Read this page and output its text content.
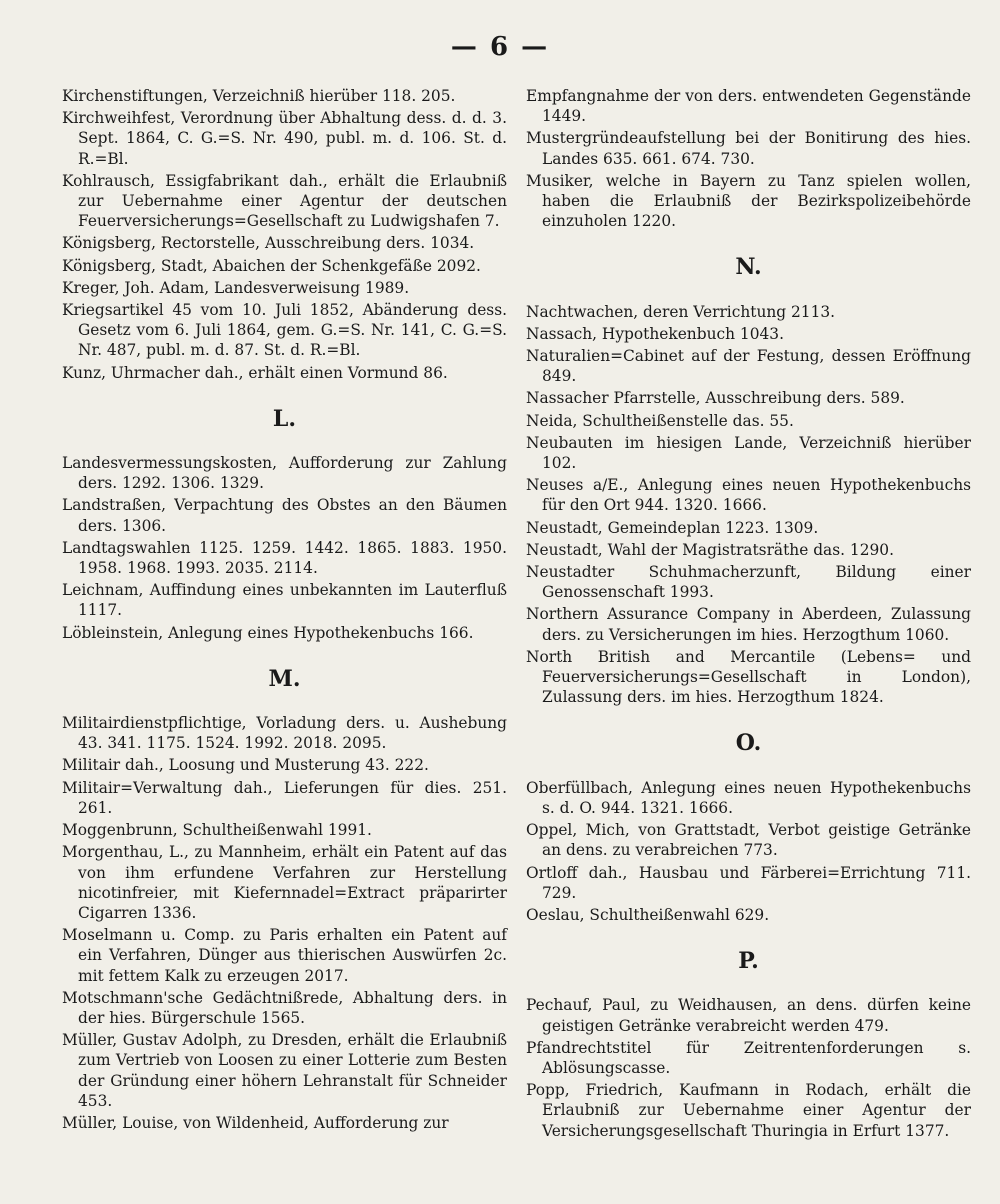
— 6 —
Kirchenstiftungen, Verzeichniß hierüber 118. 205.
Kirchweihfest, Verordnung über Abhaltung dess. d. d. 3. Sept. 1864, C. G.=S. Nr. 490, publ. m. d. 106. St. d. R.=Bl.
Kohlrausch, Essigfabrikant dah., erhält die Erlaubniß zur Uebernahme einer Agentur der deutschen Feuerversicherungs=Gesellschaft zu Ludwigshafen 7.
Königsberg, Rectorstelle, Ausschreibung ders. 1034.
Königsberg, Stadt, Abaichen der Schenkgefäße 2092.
Kreger, Joh. Adam, Landesverweisung 1989.
Kriegsartikel 45 vom 10. Juli 1852, Abänderung dess. Gesetz vom 6. Juli 1864, gem. G.=S. Nr. 141, C. G.=S. Nr. 487, publ. m. d. 87. St. d. R.=Bl.
Kunz, Uhrmacher dah., erhält einen Vormund 86.
L.
Landesvermessungskosten, Aufforderung zur Zahlung ders. 1292. 1306. 1329.
Landstraßen, Verpachtung des Obstes an den Bäumen ders. 1306.
Landtagswahlen 1125. 1259. 1442. 1865. 1883. 1950. 1958. 1968. 1993. 2035. 2114.
Leichnam, Auffindung eines unbekannten im Lauterfluß 1117.
Löbleinstein, Anlegung eines Hypothekenbuchs 166.
M.
Militairdienstpflichtige, Vorladung ders. u. Aushebung 43. 341. 1175. 1524. 1992. 2018. 2095.
Militair dah., Loosung und Musterung 43. 222.
Militair=Verwaltung dah., Lieferungen für dies. 251. 261.
Moggenbrunn, Schultheißenwahl 1991.
Morgenthau, L., zu Mannheim, erhält ein Patent auf das von ihm erfundene Verfahren zur Herstellung nicotinfreier, mit Kiefernnadel=Extract präparirter Cigarren 1336.
Moselmann u. Comp. zu Paris erhalten ein Patent auf ein Verfahren, Dünger aus thierischen Auswürfen 2c. mit fettem Kalk zu erzeugen 2017.
Motschmann'sche Gedächtnißrede, Abhaltung ders. in der hies. Bürgerschule 1565.
Müller, Gustav Adolph, zu Dresden, erhält die Erlaubniß zum Vertrieb von Loosen zu einer Lotterie zum Besten der Gründung einer höhern Lehranstalt für Schneider 453.
Müller, Louise, von Wildenheid, Aufforderung zur
Empfangnahme der von ders. entwendeten Gegenstände 1449.
Mustergründeaufstellung bei der Bonitirung des hies. Landes 635. 661. 674. 730.
Musiker, welche in Bayern zu Tanz spielen wollen, haben die Erlaubniß der Bezirkspolizeibehörde einzuholen 1220.
N.
Nachtwachen, deren Verrichtung 2113.
Nassach, Hypothekenbuch 1043.
Naturalien=Cabinet auf der Festung, dessen Eröffnung 849.
Nassacher Pfarrstelle, Ausschreibung ders. 589.
Neida, Schultheißenstelle das. 55.
Neubauten im hiesigen Lande, Verzeichniß hierüber 102.
Neuses a/E., Anlegung eines neuen Hypothekenbuchs für den Ort 944. 1320. 1666.
Neustadt, Gemeindeplan 1223. 1309.
Neustadt, Wahl der Magistratsräthe das. 1290.
Neustadter Schuhmacherzunft, Bildung einer Genossenschaft 1993.
Northern Assurance Company in Aberdeen, Zulassung ders. zu Versicherungen im hies. Herzogthum 1060.
North British and Mercantile (Lebens= und Feuerversicherungs=Gesellschaft in London), Zulassung ders. im hies. Herzogthum 1824.
O.
Oberfüllbach, Anlegung eines neuen Hypothekenbuchs s. d. O. 944. 1321. 1666.
Oppel, Mich, von Grattstadt, Verbot geistige Getränke an dens. zu verabreichen 773.
Ortloff dah., Hausbau und Färberei=Errichtung 711. 729.
Oeslau, Schultheißenwahl 629.
P.
Pechauf, Paul, zu Weidhausen, an dens. dürfen keine geistigen Getränke verabreicht werden 479.
Pfandrechtstitel für Zeitrentenforderungen s. Ablösungscasse.
Popp, Friedrich, Kaufmann in Rodach, erhält die Erlaubniß zur Uebernahme einer Agentur der Versicherungsgesellschaft Thuringia in Erfurt 1377.
